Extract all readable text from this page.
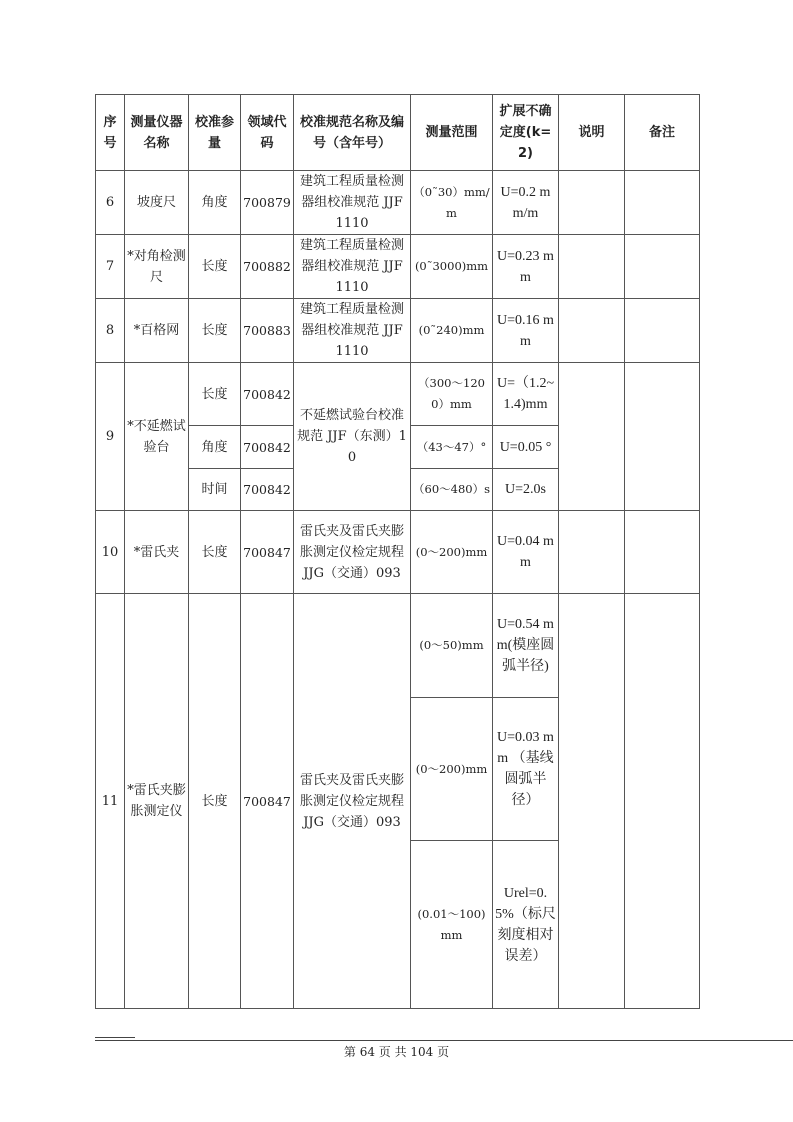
序号	测量仪器名称	校准参量	领域代码	校准规范名称及编号（含年号）	测量范围	扩展不确定度(k=2)	说明	备注
6	坡度尺	角度	700879	建筑工程质量检测器组校准规范 JJF 1110	（0˜30）mm/m	U=0.2 mm/m		
7	*对角检测尺	长度	700882	建筑工程质量检测器组校准规范 JJF 1110	(0˜3000)mm	U=0.23 mm		
8	*百格网	长度	700883	建筑工程质量检测器组校准规范 JJF 1110	(0˜240)mm	U=0.16 mm		
9	*不延燃试验台	长度	700842	不延燃试验台校准规范 JJF（东测）10	（300～1200）mm	U=（1.2~1.4)mm		
		角度	700842		（43～47）°	U=0.05 °		
		时间	700842		（60～480）s	U=2.0s		
10	*雷氏夹	长度	700847	雷氏夹及雷氏夹膨胀测定仪检定规程 JJG（交通）093	(0～200)mm	U=0.04 mm		
11	*雷氏夹膨胀测定仪	长度	700847	雷氏夹及雷氏夹膨胀测定仪检定规程 JJG（交通）093	(0～50)mm	U=0.54 mm(模座圆弧半径)		
					(0～200)mm	U=0.03 mm （基线圆弧半径）		
					(0.01～100)mm	Urel=0.5%（标尺刻度相对误差）		
第 64 页 共 104 页
